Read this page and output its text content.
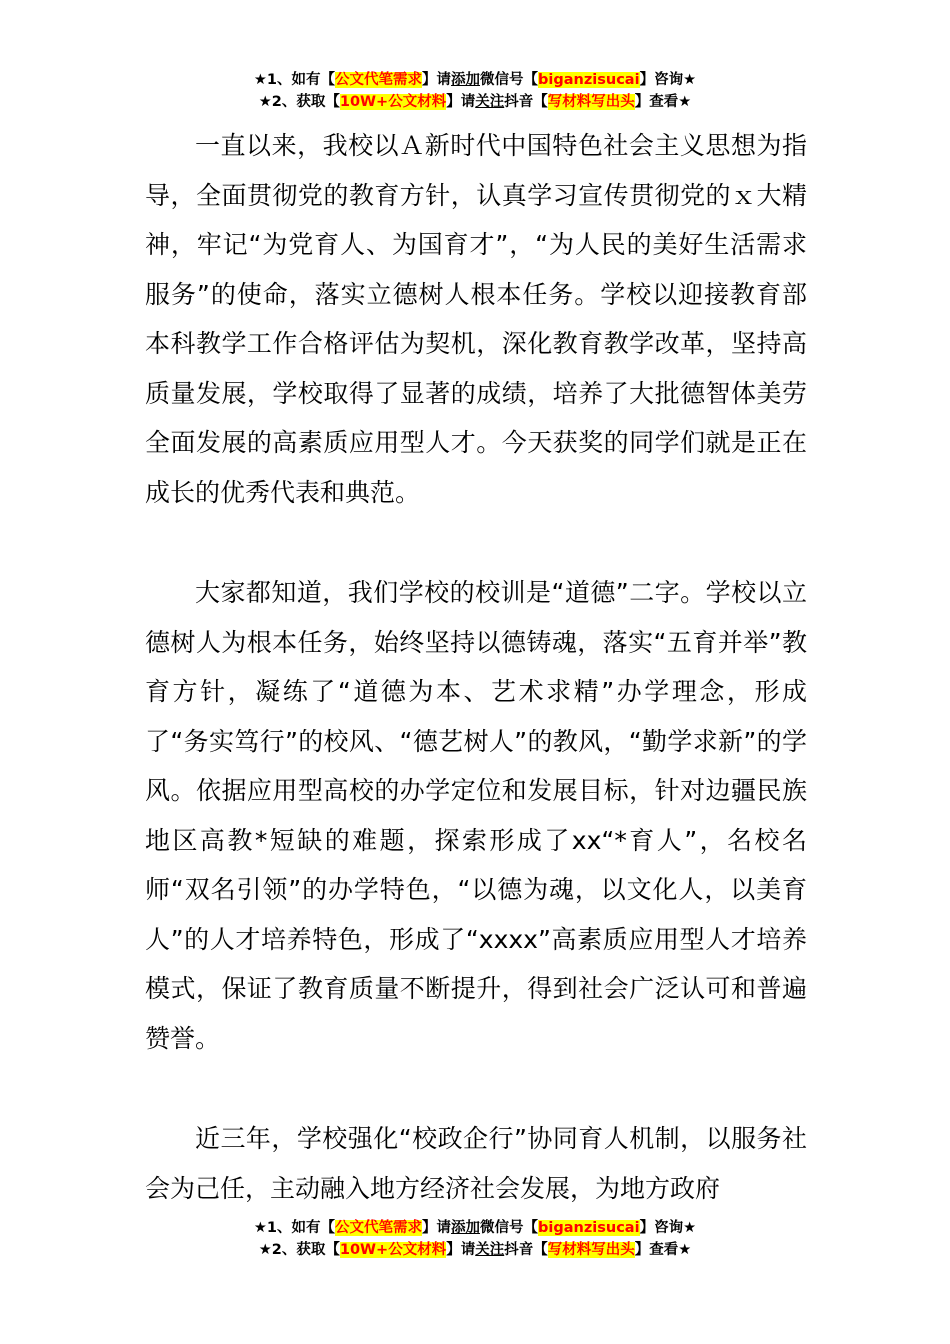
★1、如有【公文代笔需求】请添加微信号【biganzisucai】咨询★
★2、获取【10W+公文材料】请关注抖音【写材料写出头】查看★

一直以来，我校以Ａ新时代中国特色社会主义思想为指导，全面贯彻党的教育方针，认真学习宣传贯彻党的ｘ大精神，牢记“为党育人、为国育才”，“为人民的美好生活需求服务”的使命，落实立德树人根本任务。学校以迎接教育部本科教学工作合格评估为契机，深化教育教学改革，坚持高质量发展，学校取得了显著的成绩，培养了大批德智体美劳全面发展的高素质应用型人才。今天获奖的同学们就是正在成长的优秀代表和典范。

大家都知道，我们学校的校训是“道德”二字。学校以立德树人为根本任务，始终坚持以德铸魂，落实“五育并举”教育方针，凝练了“道德为本、艺术求精”办学理念，形成了“务实笃行”的校风、“德艺树人”的教风，“勤学求新”的学风。依据应用型高校的办学定位和发展目标，针对边疆民族地区高教*短缺的难题，探索形成了xx“*育人”，名校名师“双名引领”的办学特色，“以德为魂，以文化人，以美育人”的人才培养特色，形成了“xxxx”高素质应用型人才培养模式，保证了教育质量不断提升，得到社会广泛认可和普遍赞誉。

近三年，学校强化“校政企行”协同育人机制，以服务社会为己任，主动融入地方经济社会发展，为地方政府

★1、如有【公文代笔需求】请添加微信号【biganzisucai】咨询★
★2、获取【10W+公文材料】请关注抖音【写材料写出头】查看★
